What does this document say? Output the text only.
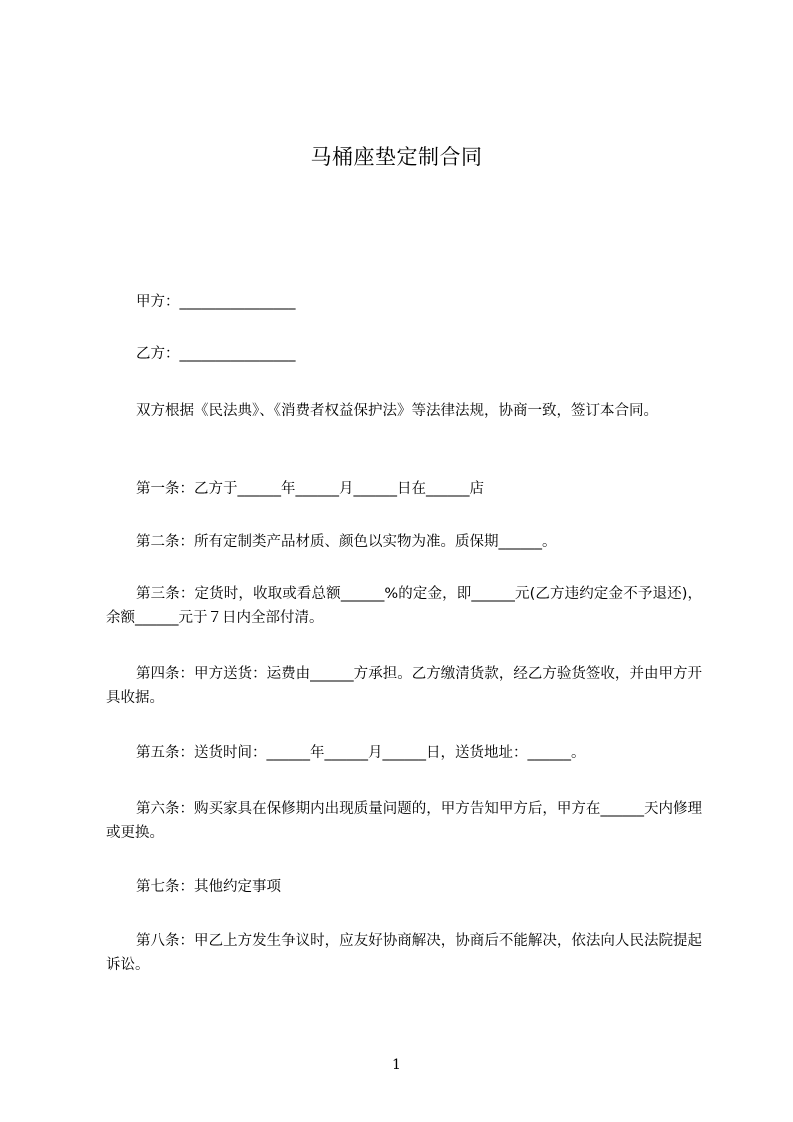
马桶座垫定制合同
甲方：________________
乙方：________________
双方根据《民法典》、《消费者权益保护法》等法律法规，协商一致，签订本合同。
第一条：乙方于______年______月______日在______店
第二条：所有定制类产品材质、颜色以实物为准。质保期______。
第三条：定货时，收取或看总额______%的定金，即______元(乙方违约定金不予退还)，余额______元于７日内全部付清。
第四条：甲方送货：运费由______方承担。乙方缴清货款，经乙方验货签收，并由甲方开具收据。
第五条：送货时间：______年______月______日，送货地址：______。
第六条：购买家具在保修期内出现质量问题的，甲方告知甲方后，甲方在______天内修理或更换。
第七条：其他约定事项
第八条：甲乙上方发生争议时，应友好协商解决，协商后不能解决，依法向人民法院提起诉讼。
1
